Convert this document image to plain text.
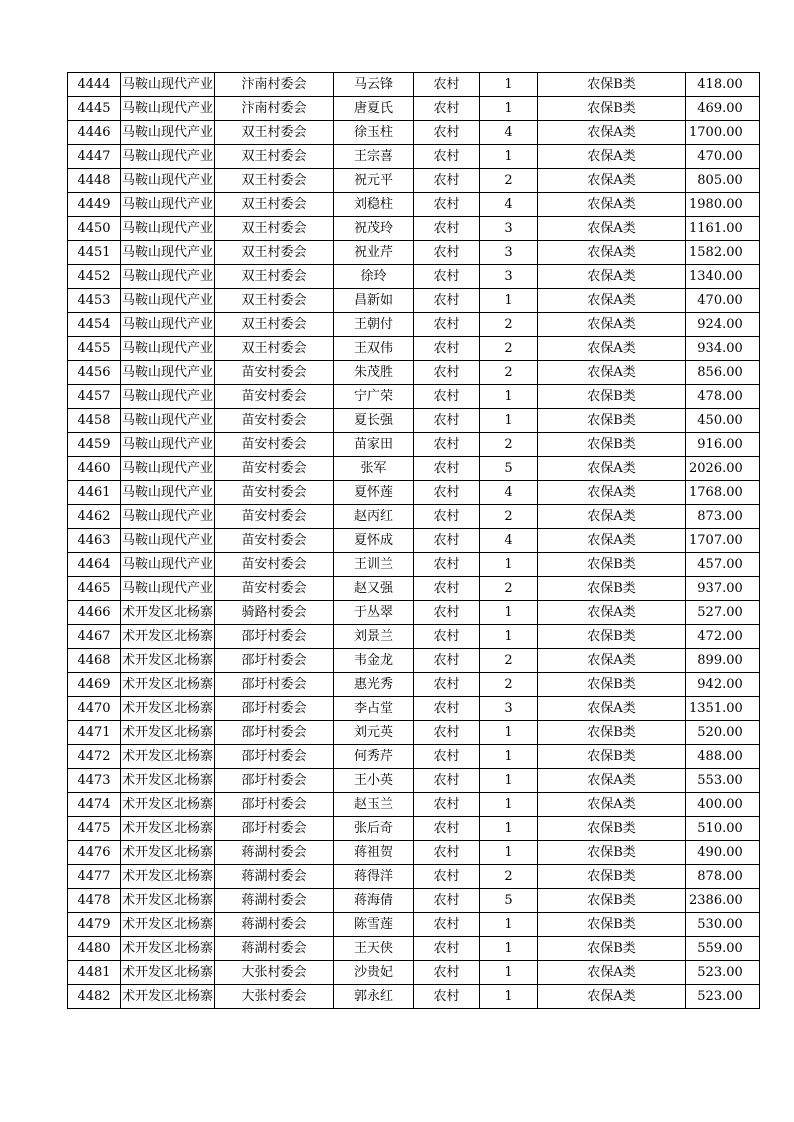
4444	马鞍山现代产业	汴南村委会	马云锋	农村	1	农保B类	418.00
4445	马鞍山现代产业	汴南村委会	唐夏氏	农村	1	农保B类	469.00
4446	马鞍山现代产业	双王村委会	徐玉柱	农村	4	农保A类	1700.00
4447	马鞍山现代产业	双王村委会	王宗喜	农村	1	农保A类	470.00
4448	马鞍山现代产业	双王村委会	祝元平	农村	2	农保A类	805.00
4449	马鞍山现代产业	双王村委会	刘稳柱	农村	4	农保A类	1980.00
4450	马鞍山现代产业	双王村委会	祝茂玲	农村	3	农保A类	1161.00
4451	马鞍山现代产业	双王村委会	祝业芹	农村	3	农保A类	1582.00
4452	马鞍山现代产业	双王村委会	徐玲	农村	3	农保A类	1340.00
4453	马鞍山现代产业	双王村委会	昌新如	农村	1	农保A类	470.00
4454	马鞍山现代产业	双王村委会	王朝付	农村	2	农保A类	924.00
4455	马鞍山现代产业	双王村委会	王双伟	农村	2	农保A类	934.00
4456	马鞍山现代产业	苗安村委会	朱茂胜	农村	2	农保A类	856.00
4457	马鞍山现代产业	苗安村委会	宁广荣	农村	1	农保B类	478.00
4458	马鞍山现代产业	苗安村委会	夏长强	农村	1	农保B类	450.00
4459	马鞍山现代产业	苗安村委会	苗家田	农村	2	农保B类	916.00
4460	马鞍山现代产业	苗安村委会	张军	农村	5	农保A类	2026.00
4461	马鞍山现代产业	苗安村委会	夏怀莲	农村	4	农保A类	1768.00
4462	马鞍山现代产业	苗安村委会	赵丙红	农村	2	农保A类	873.00
4463	马鞍山现代产业	苗安村委会	夏怀成	农村	4	农保A类	1707.00
4464	马鞍山现代产业	苗安村委会	王训兰	农村	1	农保B类	457.00
4465	马鞍山现代产业	苗安村委会	赵又强	农村	2	农保B类	937.00
4466	术开发区北杨寨	骑路村委会	于丛翠	农村	1	农保A类	527.00
4467	术开发区北杨寨	邵圩村委会	刘景兰	农村	1	农保B类	472.00
4468	术开发区北杨寨	邵圩村委会	韦金龙	农村	2	农保A类	899.00
4469	术开发区北杨寨	邵圩村委会	惠光秀	农村	2	农保B类	942.00
4470	术开发区北杨寨	邵圩村委会	李占堂	农村	3	农保A类	1351.00
4471	术开发区北杨寨	邵圩村委会	刘元英	农村	1	农保B类	520.00
4472	术开发区北杨寨	邵圩村委会	何秀芹	农村	1	农保B类	488.00
4473	术开发区北杨寨	邵圩村委会	王小英	农村	1	农保A类	553.00
4474	术开发区北杨寨	邵圩村委会	赵玉兰	农村	1	农保A类	400.00
4475	术开发区北杨寨	邵圩村委会	张后奇	农村	1	农保B类	510.00
4476	术开发区北杨寨	蒋湖村委会	蒋祖贺	农村	1	农保B类	490.00
4477	术开发区北杨寨	蒋湖村委会	蒋得洋	农村	2	农保B类	878.00
4478	术开发区北杨寨	蒋湖村委会	蒋海倩	农村	5	农保B类	2386.00
4479	术开发区北杨寨	蒋湖村委会	陈雪莲	农村	1	农保B类	530.00
4480	术开发区北杨寨	蒋湖村委会	王天侠	农村	1	农保B类	559.00
4481	术开发区北杨寨	大张村委会	沙贵妃	农村	1	农保A类	523.00
4482	术开发区北杨寨	大张村委会	郭永红	农村	1	农保A类	523.00
